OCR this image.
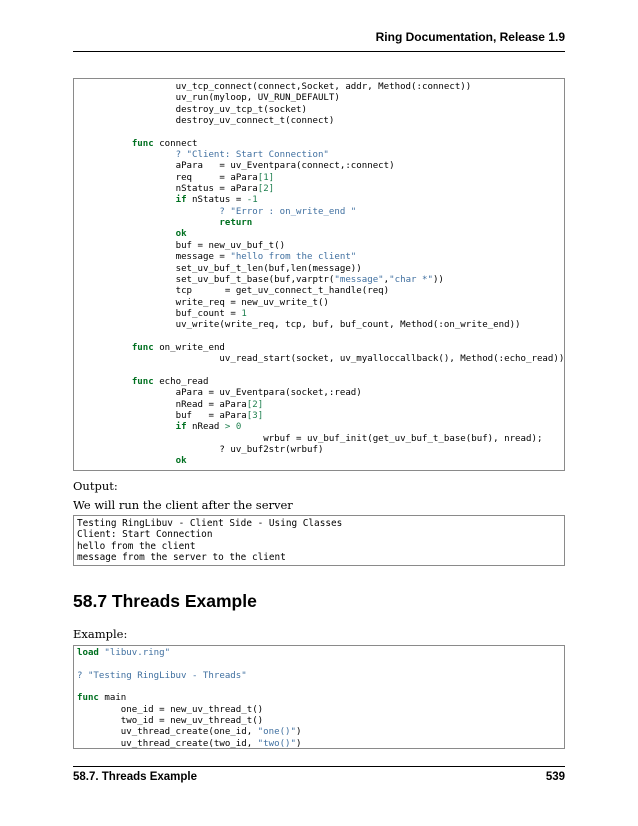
Ring Documentation, Release 1.9
uv_tcp_connect(connect,Socket, addr, Method(:connect))
uv_run(myloop, UV_RUN_DEFAULT)
destroy_uv_tcp_t(socket)
destroy_uv_connect_t(connect)

func connect
? "Client: Start Connection"
aPara   = uv_Eventpara(connect,:connect)
req     = aPara[1]
nStatus = aPara[2]
if nStatus = -1
? "Error : on_write_end "
return
ok
buf = new_uv_buf_t()
message = "hello from the client"
set_uv_buf_t_len(buf,len(message))
set_uv_buf_t_base(buf,varptr("message","char *"))
tcp      = get_uv_connect_t_handle(req)
write_req = new_uv_write_t()
buf_count = 1
uv_write(write_req, tcp, buf, buf_count, Method(:on_write_end))

func on_write_end
uv_read_start(socket, uv_myalloccallback(), Method(:echo_read))

func echo_read
aPara = uv_Eventpara(socket,:read)
nRead = aPara[2]
buf   = aPara[3]
if nRead > 0
wrbuf = uv_buf_init(get_uv_buf_t_base(buf), nread);
? uv_buf2str(wrbuf)
ok
Output:
We will run the client after the server
Testing RingLibuv - Client Side - Using Classes
Client: Start Connection
hello from the client
message from the server to the client
58.7 Threads Example
Example:
load "libuv.ring"

? "Testing RingLibuv - Threads"

func main
one_id = new_uv_thread_t()
two_id = new_uv_thread_t()
uv_thread_create(one_id, "one()")
uv_thread_create(two_id, "two()")
58.7. Threads Example	539
